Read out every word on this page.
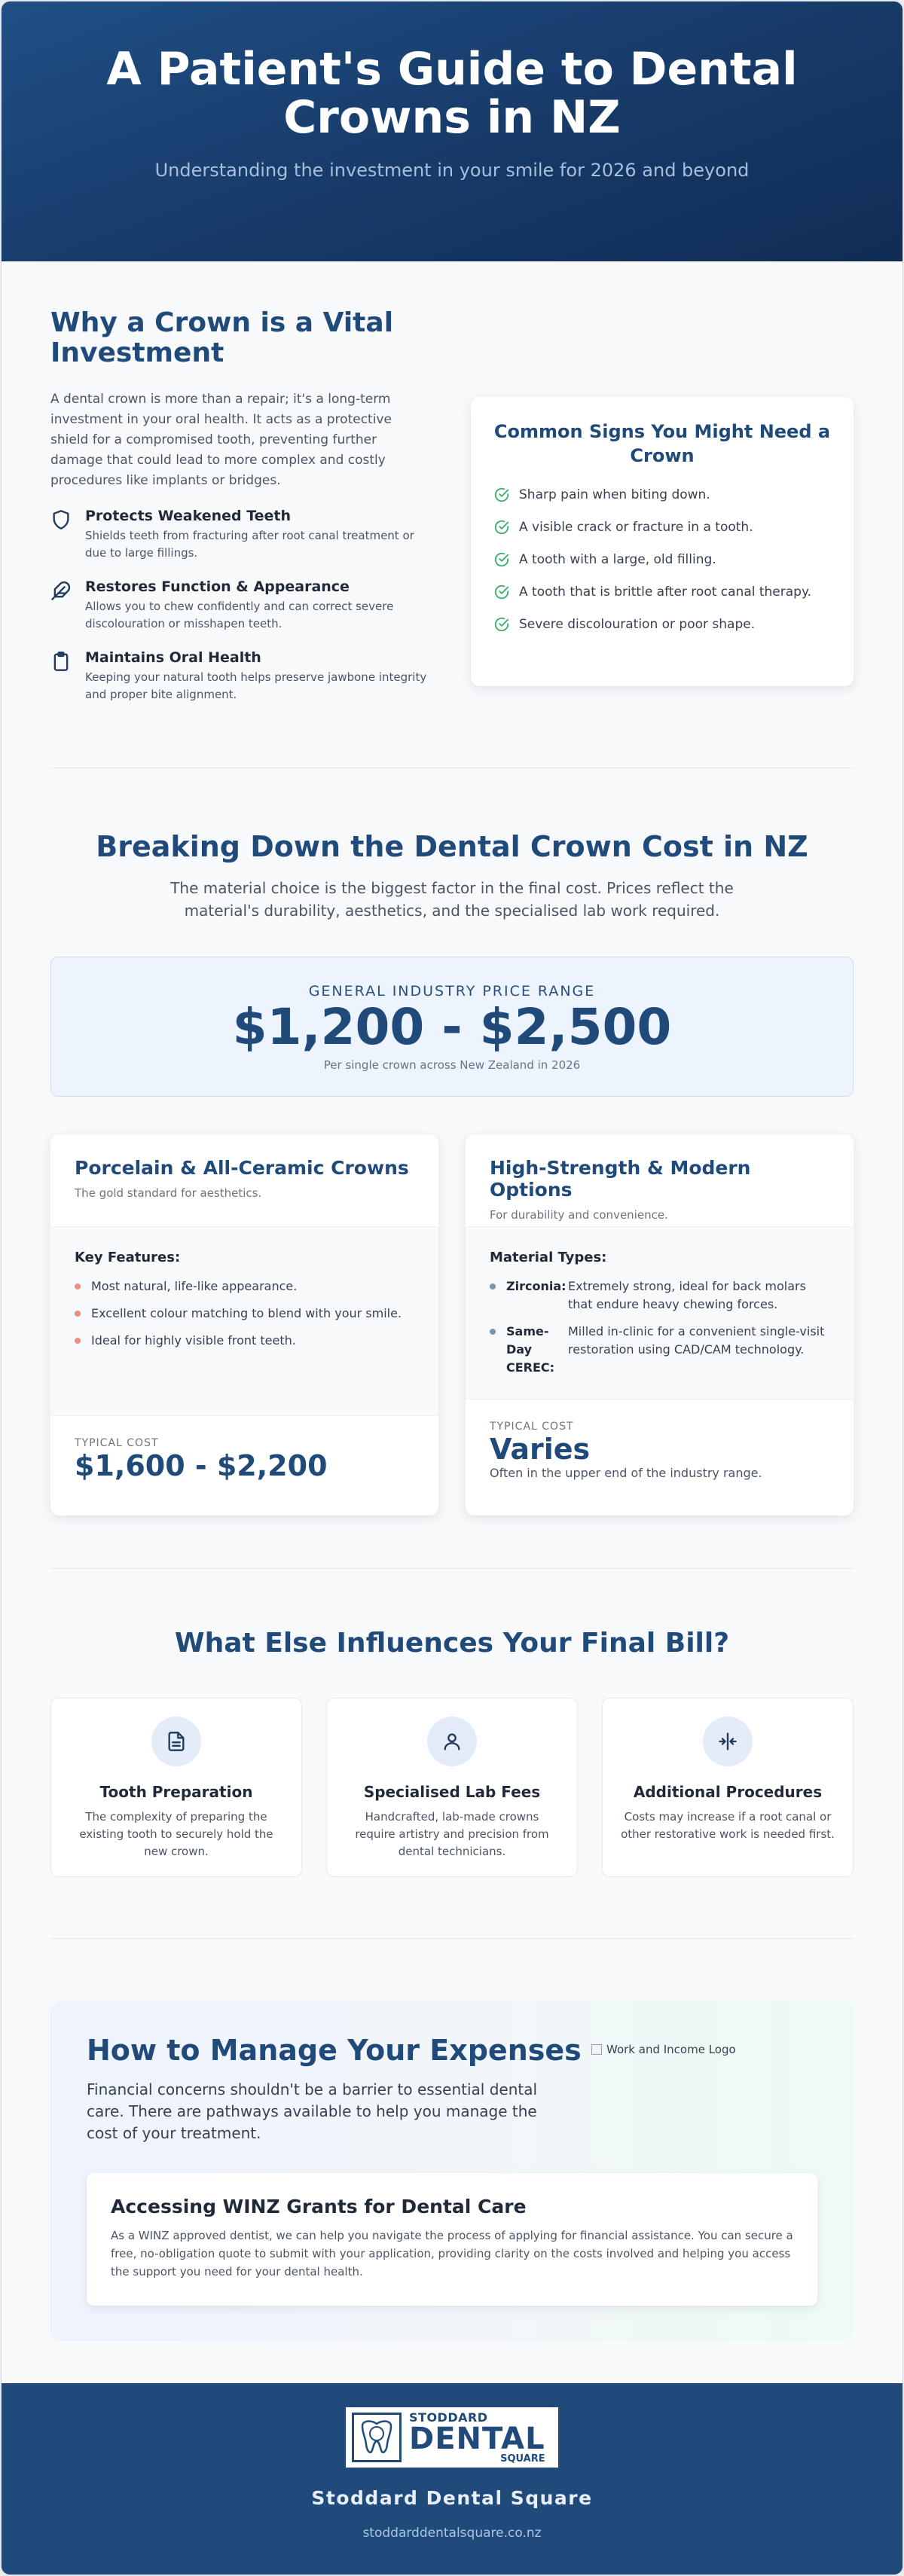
A Patient's Guide to Dental Crowns in NZ
Understanding the investment in your smile for 2026 and beyond
Why a Crown is a Vital Investment

A dental crown is more than a repair; it's a long-term investment in your oral health. It acts as a protective shield for a compromised tooth, preventing further damage that could lead to more complex and costly procedures like implants or bridges.

Protects Weakened Teeth
Shields teeth from fracturing after root canal treatment or due to large fillings.
Restores Function & Appearance
Allows you to chew confidently and can correct severe discolouration or misshapen teeth.
Maintains Oral Health
Keeping your natural tooth helps preserve jawbone integrity and proper bite alignment.
Common Signs You Might Need a Crown
Sharp pain when biting down.
A visible crack or fracture in a tooth.
A tooth with a large, old filling.
A tooth that is brittle after root canal therapy.
Severe discolouration or poor shape.
Breaking Down the Dental Crown Cost in NZ

The material choice is the biggest factor in the final cost. Prices reflect the material's durability, aesthetics, and the specialised lab work required.

GENERAL INDUSTRY PRICE RANGE
$1,200 - $2,500
Per single crown across New Zealand in 2026
Porcelain & All-Ceramic Crowns
The gold standard for aesthetics.
Key Features:
Most natural, life-like appearance.
Excellent colour matching to blend with your smile.
Ideal for highly visible front teeth.
TYPICAL COST
$1,600 - $2,200
High-Strength & Modern Options
For durability and convenience.
Material Types:
Zirconia: Extremely strong, ideal for back molars that endure heavy chewing forces.
Same-Day CEREC:
Milled in-clinic for a convenient single-visit restoration using CAD/CAM technology.
TYPICAL COST
Varies
Often in the upper end of the industry range.
What Else Influences Your Final Bill?
Tooth Preparation

The complexity of preparing the existing tooth to securely hold the new crown.

Specialised Lab Fees

Handcrafted, lab-made crowns require artistry and precision from dental technicians.

Additional Procedures

Costs may increase if a root canal or other restorative work is needed first.

How to Manage Your Expenses

Financial concerns shouldn't be a barrier to essential dental care. There are pathways available to help you manage the cost of your treatment.

Work and Income Logo
Accessing WINZ Grants for Dental Care

As a WINZ approved dentist, we can help you navigate the process of applying for financial assistance. You can secure a free, no-obligation quote to submit with your application, providing clarity on the costs involved and helping you access the support you need for your dental health.

STODDARD
DENTAL
SQUARE
Stoddard Dental Square
stoddarddentalsquare.co.nz
